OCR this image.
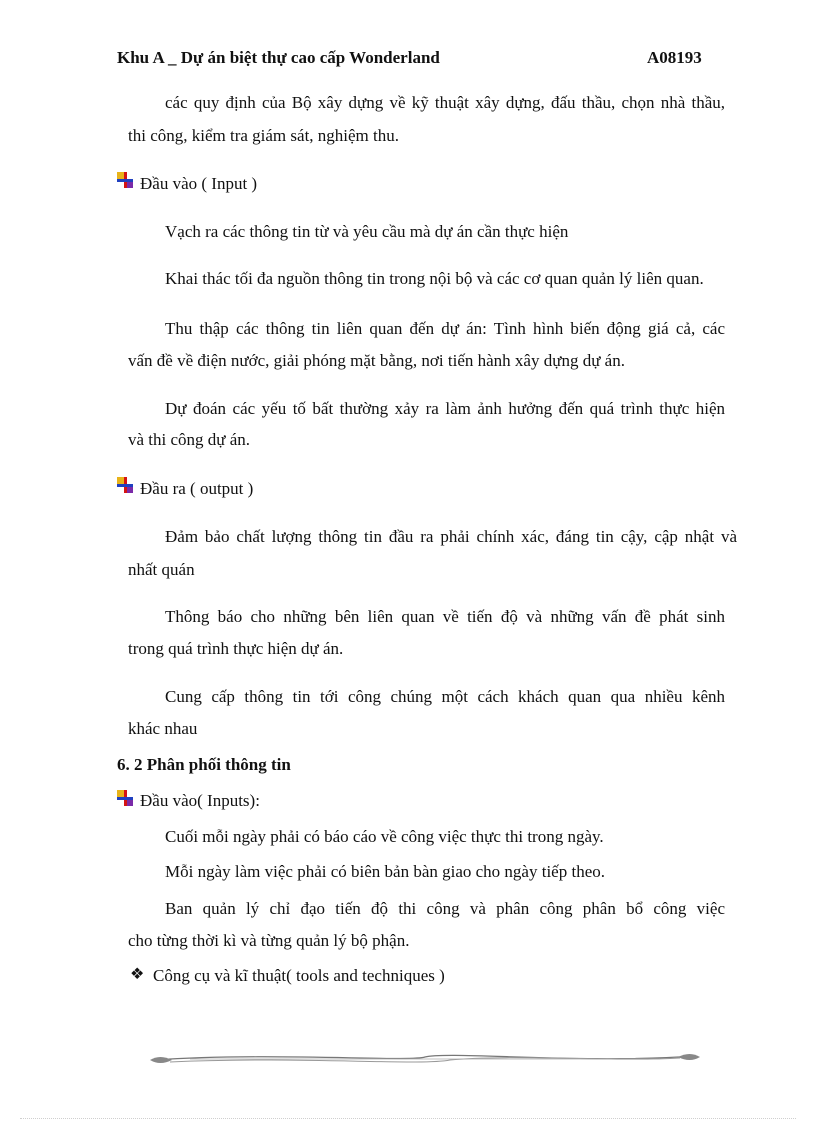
Khu A _ Dự án biệt thự cao cấp Wonderland	A08193
các quy định của Bộ xây dựng về kỹ thuật xây dựng, đấu thầu, chọn nhà thầu,
thi công, kiểm tra giám sát, nghiệm thu.
Đầu vào ( Input )
Vạch ra các thông tin từ và yêu cầu mà dự án cần thực hiện
Khai thác tối đa nguồn thông tin trong nội bộ và các cơ quan quản lý liên quan.
Thu thập các thông tin liên quan đến dự án: Tình hình biến động giá cả, các
vấn đề về điện nước, giải phóng mặt bằng, nơi tiến hành xây dựng dự án.
Dự đoán các yếu tố bất thường xảy ra làm ảnh hưởng đến quá trình thực hiện
và thi công dự án.
Đầu ra ( output )
Đảm bảo chất lượng thông tin đầu ra phải chính xác, đáng tin cậy, cập nhật và
nhất quán
Thông báo cho những bên liên quan về tiến độ và những vấn đề phát sinh
trong quá trình thực hiện dự án.
Cung cấp thông tin tới công chúng một cách khách quan qua nhiều kênh
khác nhau
6. 2 Phân phối thông tin
Đầu vào( Inputs):
Cuối mỗi ngày phải có báo cáo về công việc thực thi trong ngày.
Mỗi ngày làm việc phải có biên bản bàn giao cho ngày tiếp theo.
Ban quản lý chỉ đạo tiến độ thi công và phân công phân bổ công việc
cho từng thời kì và từng quản lý bộ phận.
❖ Công cụ và kĩ thuật( tools and techniques )
